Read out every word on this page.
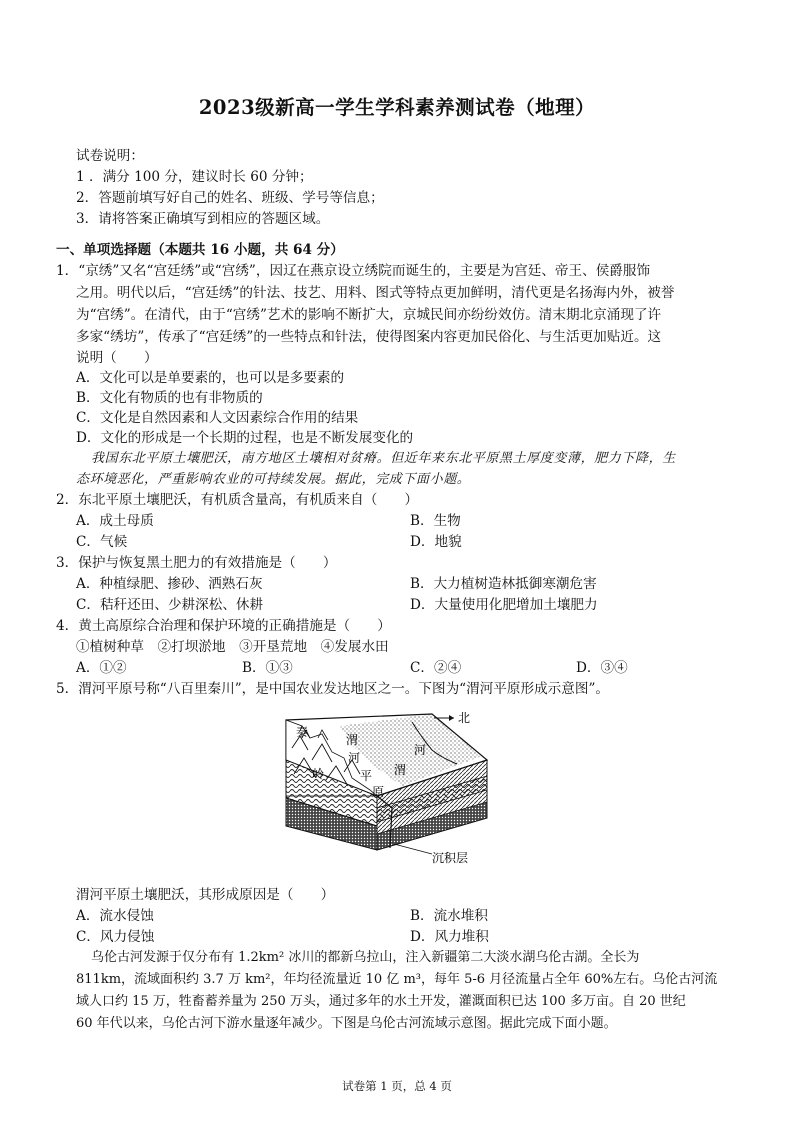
2023级新高一学生学科素养测试卷（地理）
试卷说明：
1 ．满分 100 分，建议时长 60 分钟；
2．答题前填写好自己的姓名、班级、学号等信息；
3．请将答案正确填写到相应的答题区域。
一、单项选择题（本题共 16 小题，共 64 分）
1．“京绣”又名“宫廷绣”或“宫绣”，因辽在燕京设立绣院而诞生的，主要是为宫廷、帝王、侯爵服饰
之用。明代以后，“宫廷绣”的针法、技艺、用料、图式等特点更加鲜明，清代更是名扬海内外，被誉
为“宫绣”。在清代，由于“宫绣”艺术的影响不断扩大，京城民间亦纷纷效仿。清末期北京涌现了许
多家“绣坊”，传承了“宫廷绣”的一些特点和针法，使得图案内容更加民俗化、与生活更加贴近。这
说明（　　）
A．文化可以是单要素的，也可以是多要素的
B．文化有物质的也有非物质的
C．文化是自然因素和人文因素综合作用的结果
D．文化的形成是一个长期的过程，也是不断发展变化的
我国东北平原土壤肥沃，南方地区土壤相对贫瘠。但近年来东北平原黑土厚度变薄，肥力下降，生
态环境恶化，严重影响农业的可持续发展。据此，完成下面小题。
2．东北平原土壤肥沃，有机质含量高，有机质来自（　　）
A．成土母质	B．生物
C．气候	D．地貌
3．保护与恢复黑土肥力的有效措施是（　　）
A．种植绿肥、掺砂、洒熟石灰	B．大力植树造林抵御寒潮危害
C．秸秆还田、少耕深松、休耕	D．大量使用化肥增加土壤肥力
4．黄土高原综合治理和保护环境的正确措施是（　　）
①植树种草　②打坝淤地　③开垦荒地　④发展水田
A．①②	B．①③	C．②④	D．③④
5．渭河平原号称“八百里秦川”，是中国农业发达地区之一。下图为“渭河平原形成示意图”。
北
秦
岭
渭
河
平
原
渭
河
沉积层
渭河平原土壤肥沃，其形成原因是（　　）
A．流水侵蚀	B．流水堆积
C．风力侵蚀	D．风力堆积
乌伦古河发源于仅分布有 1.2km² 冰川的都新乌拉山，注入新疆第二大淡水湖乌伦古湖。全长为
811km，流域面积约 3.7 万 km²，年均径流量近 10 亿 m³，每年 5-6 月径流量占全年 60%左右。乌伦古河流
域人口约 15 万，牲畜蓄养量为 250 万头，通过多年的水土开发，灌溉面积已达 100 多万亩。自 20 世纪
60 年代以来，乌伦古河下游水量逐年减少。下图是乌伦古河流域示意图。据此完成下面小题。
试卷第 1 页，总 4 页
